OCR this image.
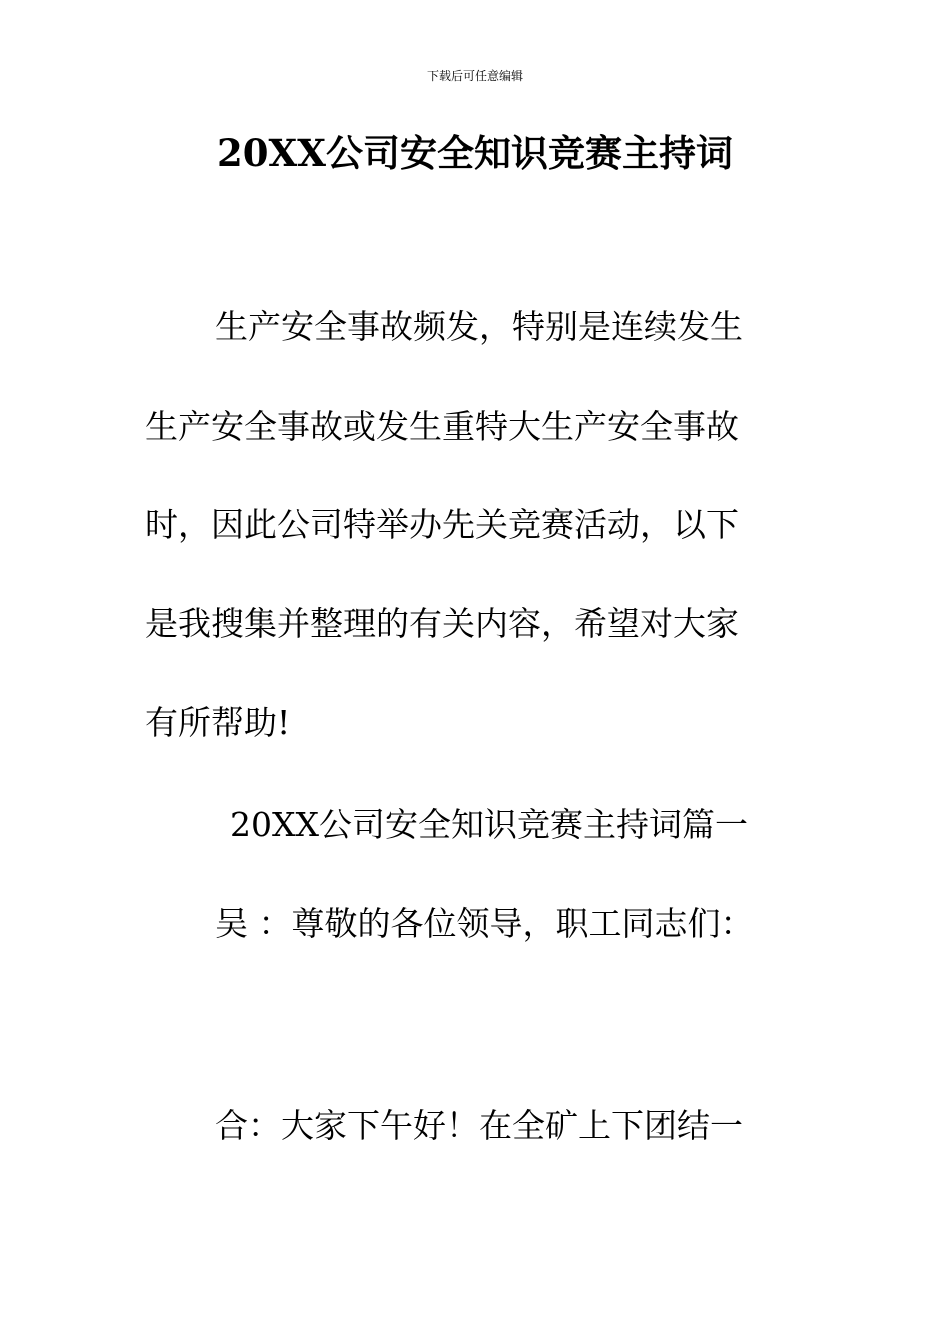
下载后可任意编辑
20XX公司安全知识竞赛主持词

生产安全事故频发，特别是连续发生

生产安全事故或发生重特大生产安全事故

时，因此公司特举办先关竞赛活动，以下

是我搜集并整理的有关内容，希望对大家

有所帮助!

20XX公司安全知识竞赛主持词篇一

吴 ：尊敬的各位领导，职工同志们：

合：大家下午好！在全矿上下团结一
